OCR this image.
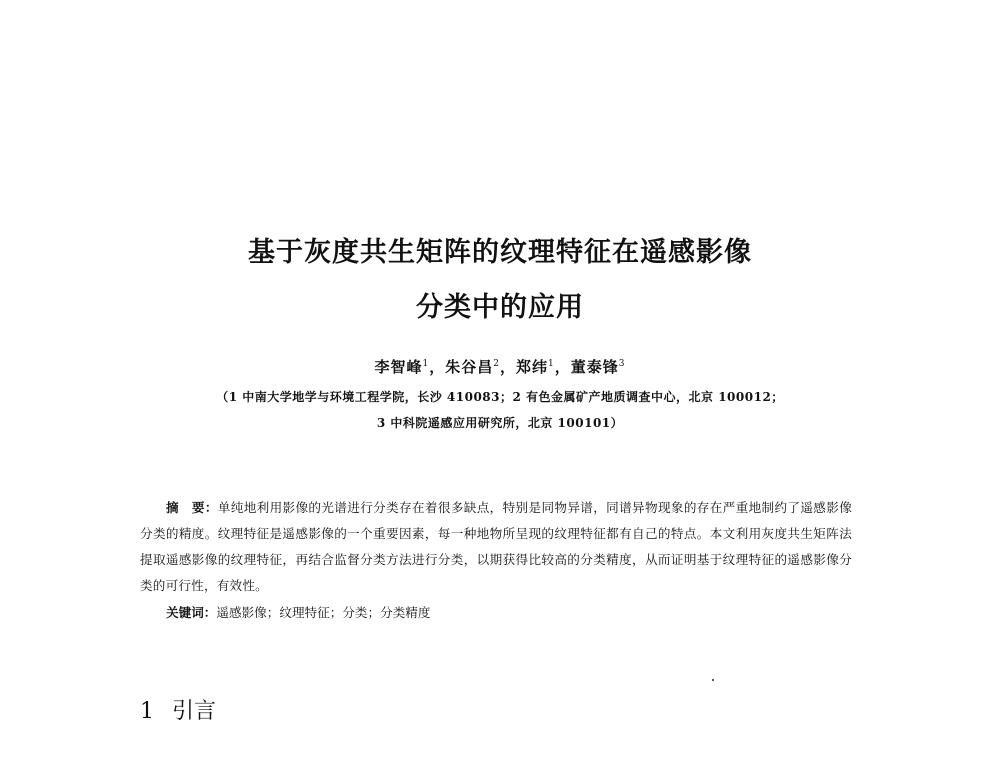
基于灰度共生矩阵的纹理特征在遥感影像
分类中的应用
李智峰$^1$，朱谷昌$^2$，郑纬$^1$，董泰锋$^3$
（1 中南大学地学与环境工程学院，长沙 410083；2 有色金属矿产地质调查中心，北京 100012；
3 中科院遥感应用研究所，北京 100101）
摘　要：单纯地利用影像的光谱进行分类存在着很多缺点，特别是同物异谱，同谱异物现象的存在严重地制约了遥感影像分类的精度。纹理特征是遥感影像的一个重要因素，每一种地物所呈现的纹理特征都有自己的特点。本文利用灰度共生矩阵法提取遥感影像的纹理特征，再结合监督分类方法进行分类，以期获得比较高的分类精度，从而证明基于纹理特征的遥感影像分类的可行性，有效性。
关键词：遥感影像；纹理特征；分类；分类精度
1 引言
